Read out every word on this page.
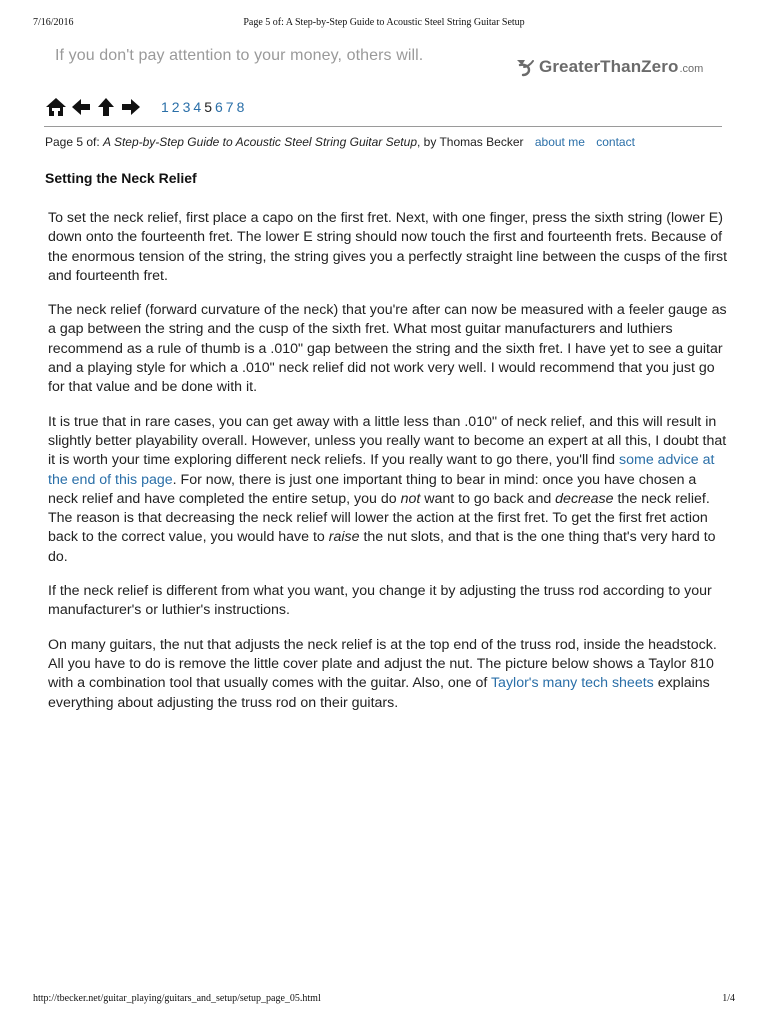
7/16/2016	Page 5 of: A Step-by-Step Guide to Acoustic Steel String Guitar Setup
If you don't pay attention to your money, others will.
GreaterThanZero .com
1 2 3 4 5 6 7 8
Page 5 of: A Step-by-Step Guide to Acoustic Steel String Guitar Setup, by Thomas Becker about me contact
Setting the Neck Relief

To set the neck relief, first place a capo on the first fret. Next, with one finger, press the sixth string (lower E) down onto the fourteenth fret. The lower E string should now touch the first and fourteenth frets. Because of the enormous tension of the string, the string gives you a perfectly straight line between the cusps of the first and fourteenth fret.

The neck relief (forward curvature of the neck) that you're after can now be measured with a feeler gauge as a gap between the string and the cusp of the sixth fret. What most guitar manufacturers and luthiers recommend as a rule of thumb is a .010" gap between the string and the sixth fret. I have yet to see a guitar and a playing style for which a .010" neck relief did not work very well. I would recommend that you just go for that value and be done with it.

It is true that in rare cases, you can get away with a little less than .010" of neck relief, and this will result in slightly better playability overall. However, unless you really want to become an expert at all this, I doubt that it is worth your time exploring different neck reliefs. If you really want to go there, you'll find some advice at the end of this page. For now, there is just one important thing to bear in mind: once you have chosen a neck relief and have completed the entire setup, you do not want to go back and decrease the neck relief. The reason is that decreasing the neck relief will lower the action at the first fret. To get the first fret action back to the correct value, you would have to raise the nut slots, and that is the one thing that's very hard to do.

If the neck relief is different from what you want, you change it by adjusting the truss rod according to your manufacturer's or luthier's instructions.

On many guitars, the nut that adjusts the neck relief is at the top end of the truss rod, inside the headstock. All you have to do is remove the little cover plate and adjust the nut. The picture below shows a Taylor 810 with a combination tool that usually comes with the guitar. Also, one of Taylor's many tech sheets explains everything about adjusting the truss rod on their guitars.

http://tbecker.net/guitar_playing/guitars_and_setup/setup_page_05.html	1/4
